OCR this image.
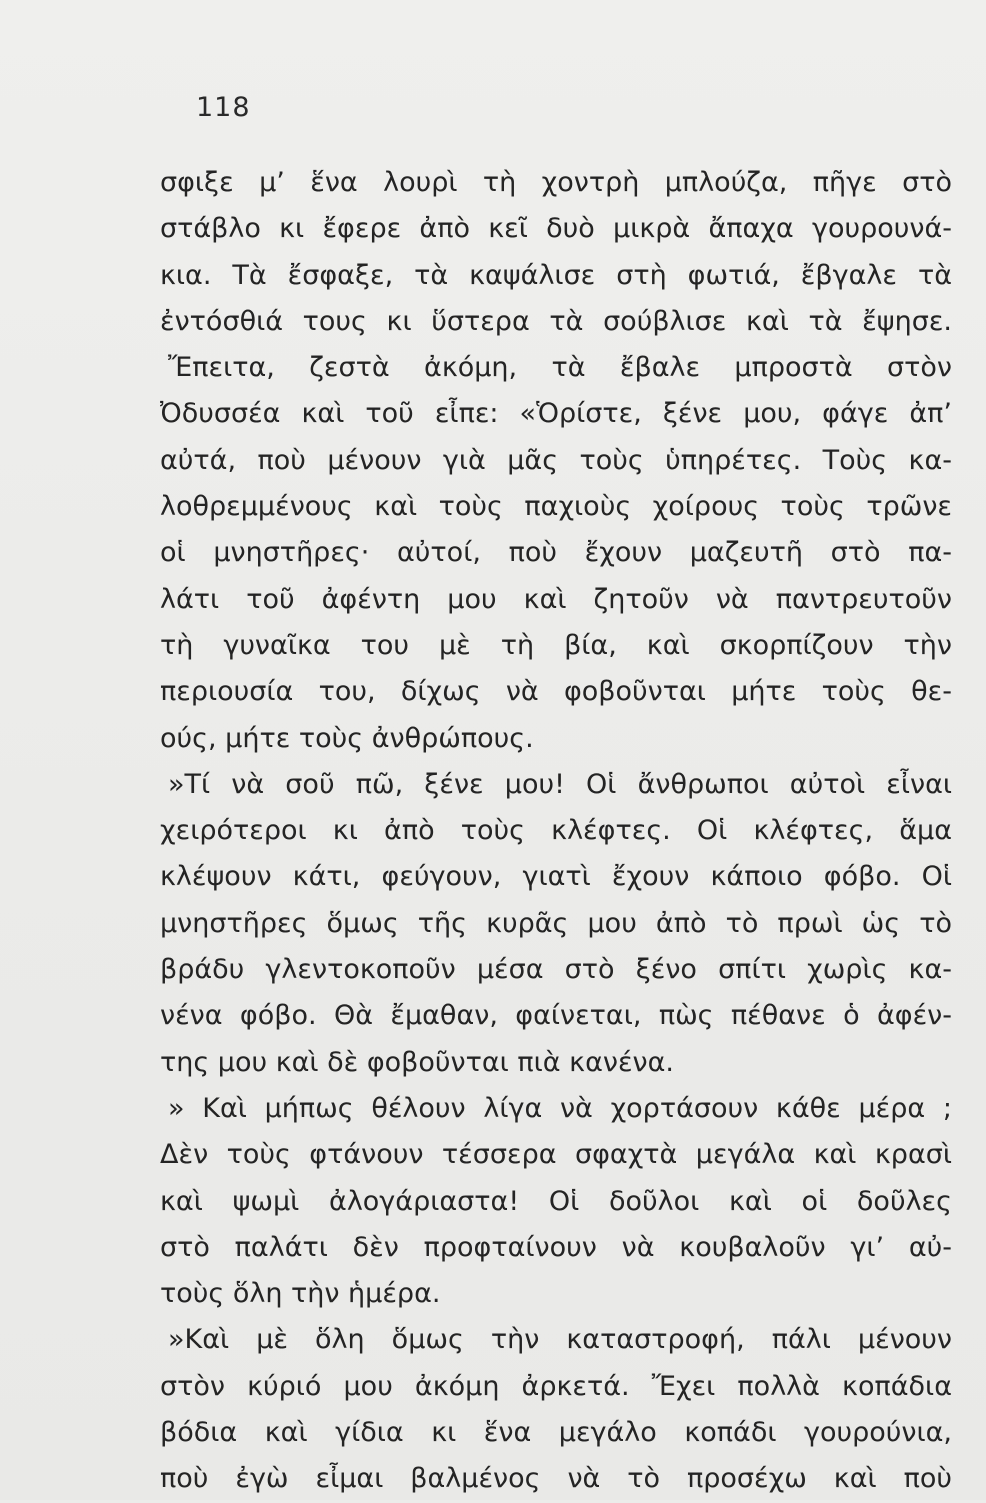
118
σφιξε μ’ ἕνα λουρὶ τὴ χοντρὴ μπλούζα, πῆγε στὸ
στάβλο κι ἔφερε ἀπὸ κεῖ δυὸ μικρὰ ἄπαχα γουρουνά-
κια. Τὰ ἔσφαξε, τὰ καψάλισε στὴ φωτιά, ἔβγαλε τὰ
ἐντόσθιά τους κι ὕστερα τὰ σούβλισε καὶ τὰ ἔψησε.
Ἔπειτα, ζεστὰ ἀκόμη, τὰ ἔβαλε μπροστὰ στὸν
Ὀδυσσέα καὶ τοῦ εἶπε: «Ὁρίστε, ξένε μου, φάγε ἀπ’
αὐτά, ποὺ μένουν γιὰ μᾶς τοὺς ὑπηρέτες. Τοὺς κα-
λοθρεμμένους καὶ τοὺς παχιοὺς χοίρους τοὺς τρῶνε
οἱ μνηστῆρες· αὐτοί, ποὺ ἔχουν μαζευτῆ στὸ πα-
λάτι τοῦ ἀφέντη μου καὶ ζητοῦν νὰ παντρευτοῦν
τὴ γυναῖκα του μὲ τὴ βία, καὶ σκορπίζουν τὴν
περιουσία του, δίχως νὰ φοβοῦνται μήτε τοὺς θε-
ούς, μήτε τοὺς ἀνθρώπους.
»Τί νὰ σοῦ πῶ, ξένε μου! Οἱ ἄνθρωποι αὐτοὶ εἶναι
χειρότεροι κι ἀπὸ τοὺς κλέφτες. Οἱ κλέφτες, ἅμα
κλέψουν κάτι, φεύγουν, γιατὶ ἔχουν κάποιο φόβο. Οἱ
μνηστῆρες ὅμως τῆς κυρᾶς μου ἀπὸ τὸ πρωὶ ὡς τὸ
βράδυ γλεντοκοποῦν μέσα στὸ ξένο σπίτι χωρὶς κα-
νένα φόβο. Θὰ ἔμαθαν, φαίνεται, πὼς πέθανε ὁ ἀφέν-
της μου καὶ δὲ φοβοῦνται πιὰ κανένα.
» Καὶ μήπως θέλουν λίγα νὰ χορτάσουν κάθε μέρα ;
Δὲν τοὺς φτάνουν τέσσερα σφαχτὰ μεγάλα καὶ κρασὶ
καὶ ψωμὶ ἀλογάριαστα! Οἱ δοῦλοι καὶ οἱ δοῦλες
στὸ παλάτι δὲν προφταίνουν νὰ κουβαλοῦν γι’ αὐ-
τοὺς ὅλη τὴν ἡμέρα.
»Καὶ μὲ ὅλη ὅμως τὴν καταστροφή, πάλι μένουν
στὸν κύριό μου ἀκόμη ἀρκετά. Ἔχει πολλὰ κοπάδια
βόδια καὶ γίδια κι ἕνα μεγάλο κοπάδι γουρούνια,
ποὺ ἐγὼ εἶμαι βαλμένος νὰ τὸ προσέχω καὶ ποὺ
